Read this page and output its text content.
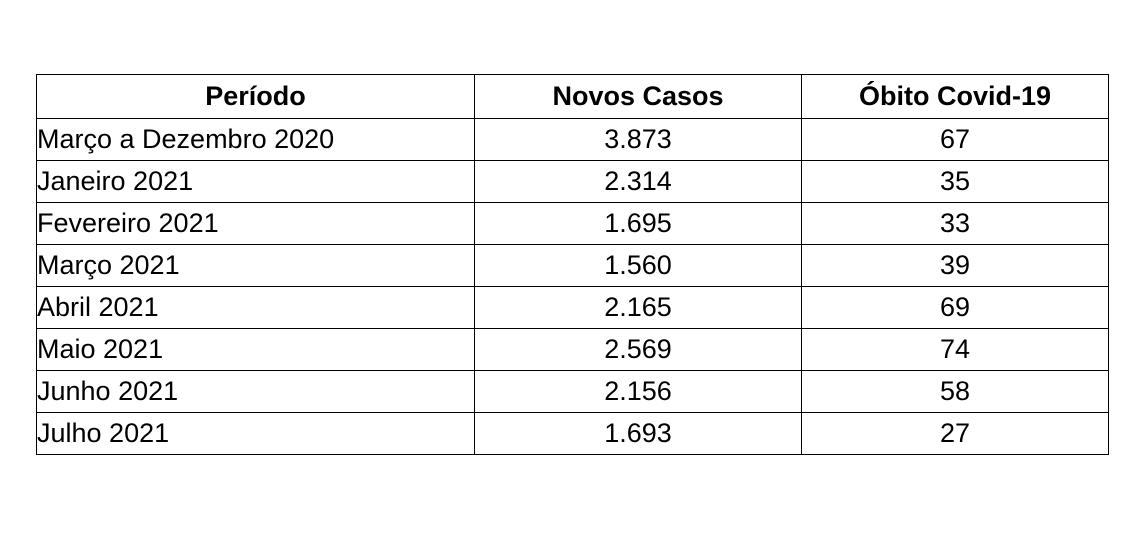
Período	Novos Casos	Óbito Covid-19
Março a Dezembro 2020	3.873	67
Janeiro 2021	2.314	35
Fevereiro 2021	1.695	33
Março 2021	1.560	39
Abril 2021	2.165	69
Maio 2021	2.569	74
Junho 2021	2.156	58
Julho 2021	1.693	27
